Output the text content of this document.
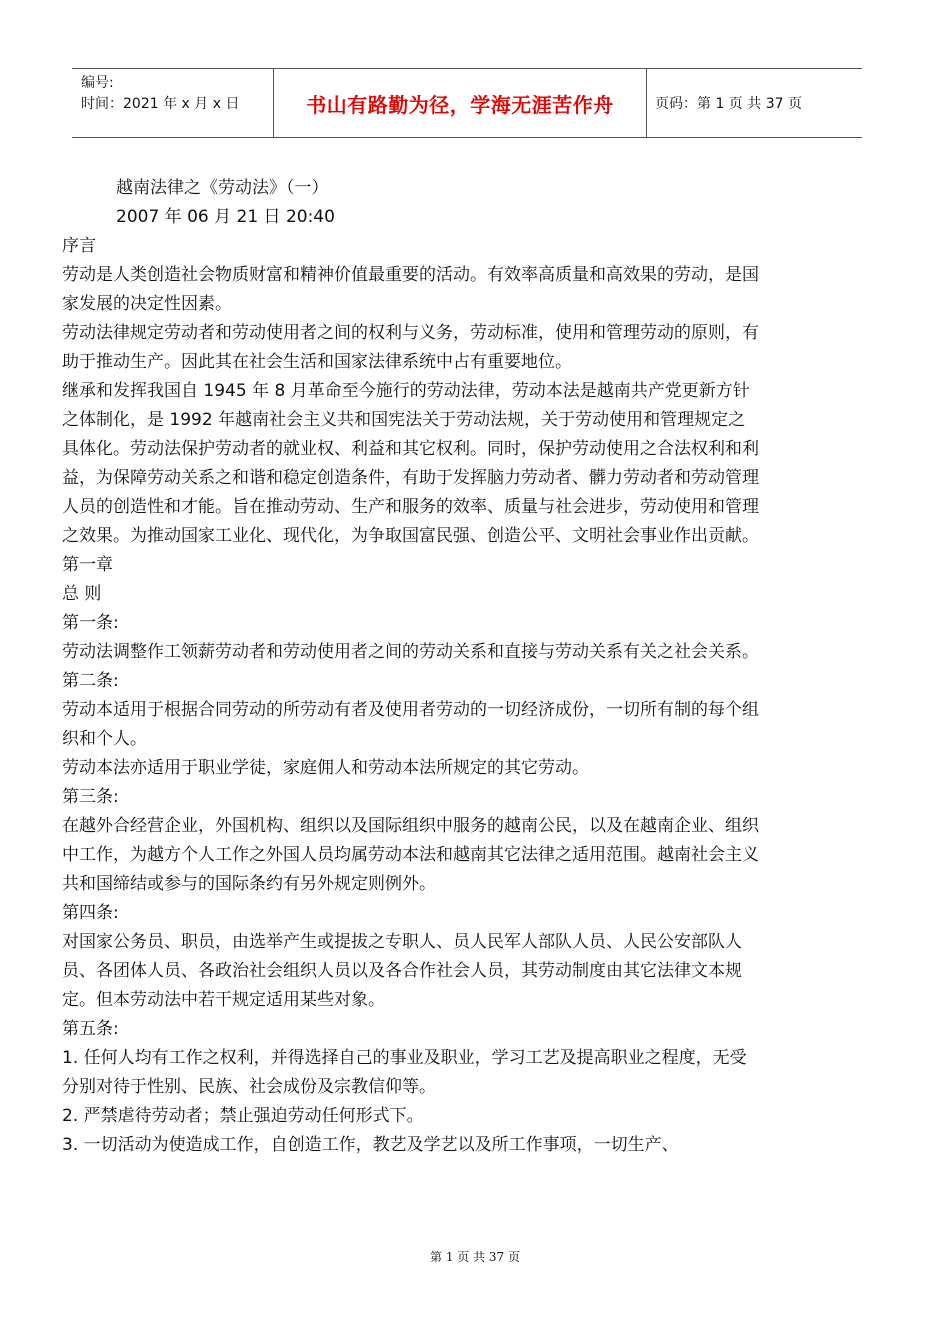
编号:
时间：2021 年 x 月 x 日	书山有路勤为径，学海无涯苦作舟	页码：第 1 页 共 37 页

越南法律之《劳动法》（一）

2007 年 06 月 21 日 20:40

序言

劳动是人类创造社会物质财富和精神价值最重要的活动。有效率高质量和高效果的劳动，是国家发展的决定性因素。

劳动法律规定劳动者和劳动使用者之间的权利与义务，劳动标准，使用和管理劳动的原则，有助于推动生产。因此其在社会生活和国家法律系统中占有重要地位。

继承和发挥我国自 1945 年 8 月革命至今施行的劳动法律，劳动本法是越南共产党更新方针之体制化，是 1992 年越南社会主义共和国宪法关于劳动法规，关于劳动使用和管理规定之具体化。劳动法保护劳动者的就业权、利益和其它权利。同时，保护劳动使用之合法权利和利益，为保障劳动关系之和谐和稳定创造条件，有助于发挥脑力劳动者、髒力劳动者和劳动管理人员的创造性和才能。旨在推动劳动、生产和服务的效率、质量与社会进步，劳动使用和管理之效果。为推动国家工业化、现代化，为争取国富民强、创造公平、文明社会事业作出贡献。

第一章

总 则

第一条:

劳动法调整作工领薪劳动者和劳动使用者之间的劳动关系和直接与劳动关系有关之社会关系。

第二条:

劳动本适用于根据合同劳动的所劳动有者及使用者劳动的一切经济成份，一切所有制的每个组织和个人。

劳动本法亦适用于职业学徒，家庭佣人和劳动本法所规定的其它劳动。

第三条:

在越外合经营企业，外国机构、组织以及国际组织中服务的越南公民，以及在越南企业、组织中工作，为越方个人工作之外国人员均属劳动本法和越南其它法律之适用范围。越南社会主义共和国缔结或参与的国际条约有另外规定则例外。

第四条:

对国家公务员、职员，由选举产生或提拔之专职人、员人民军人部队人员、人民公安部队人员、各团体人员、各政治社会组织人员以及各合作社会人员，其劳动制度由其它法律文本规定。但本劳动法中若干规定适用某些对象。

第五条:

1. 任何人均有工作之权利，并得选择自己的事业及职业，学习工艺及提高职业之程度，无受分别对待于性别、民族、社会成份及宗教信仰等。

2. 严禁虐待劳动者；禁止强迫劳动任何形式下。

3. 一切活动为使造成工作，自创造工作，教艺及学艺以及所工作事项，一切生产、

第 1 页 共 37 页
